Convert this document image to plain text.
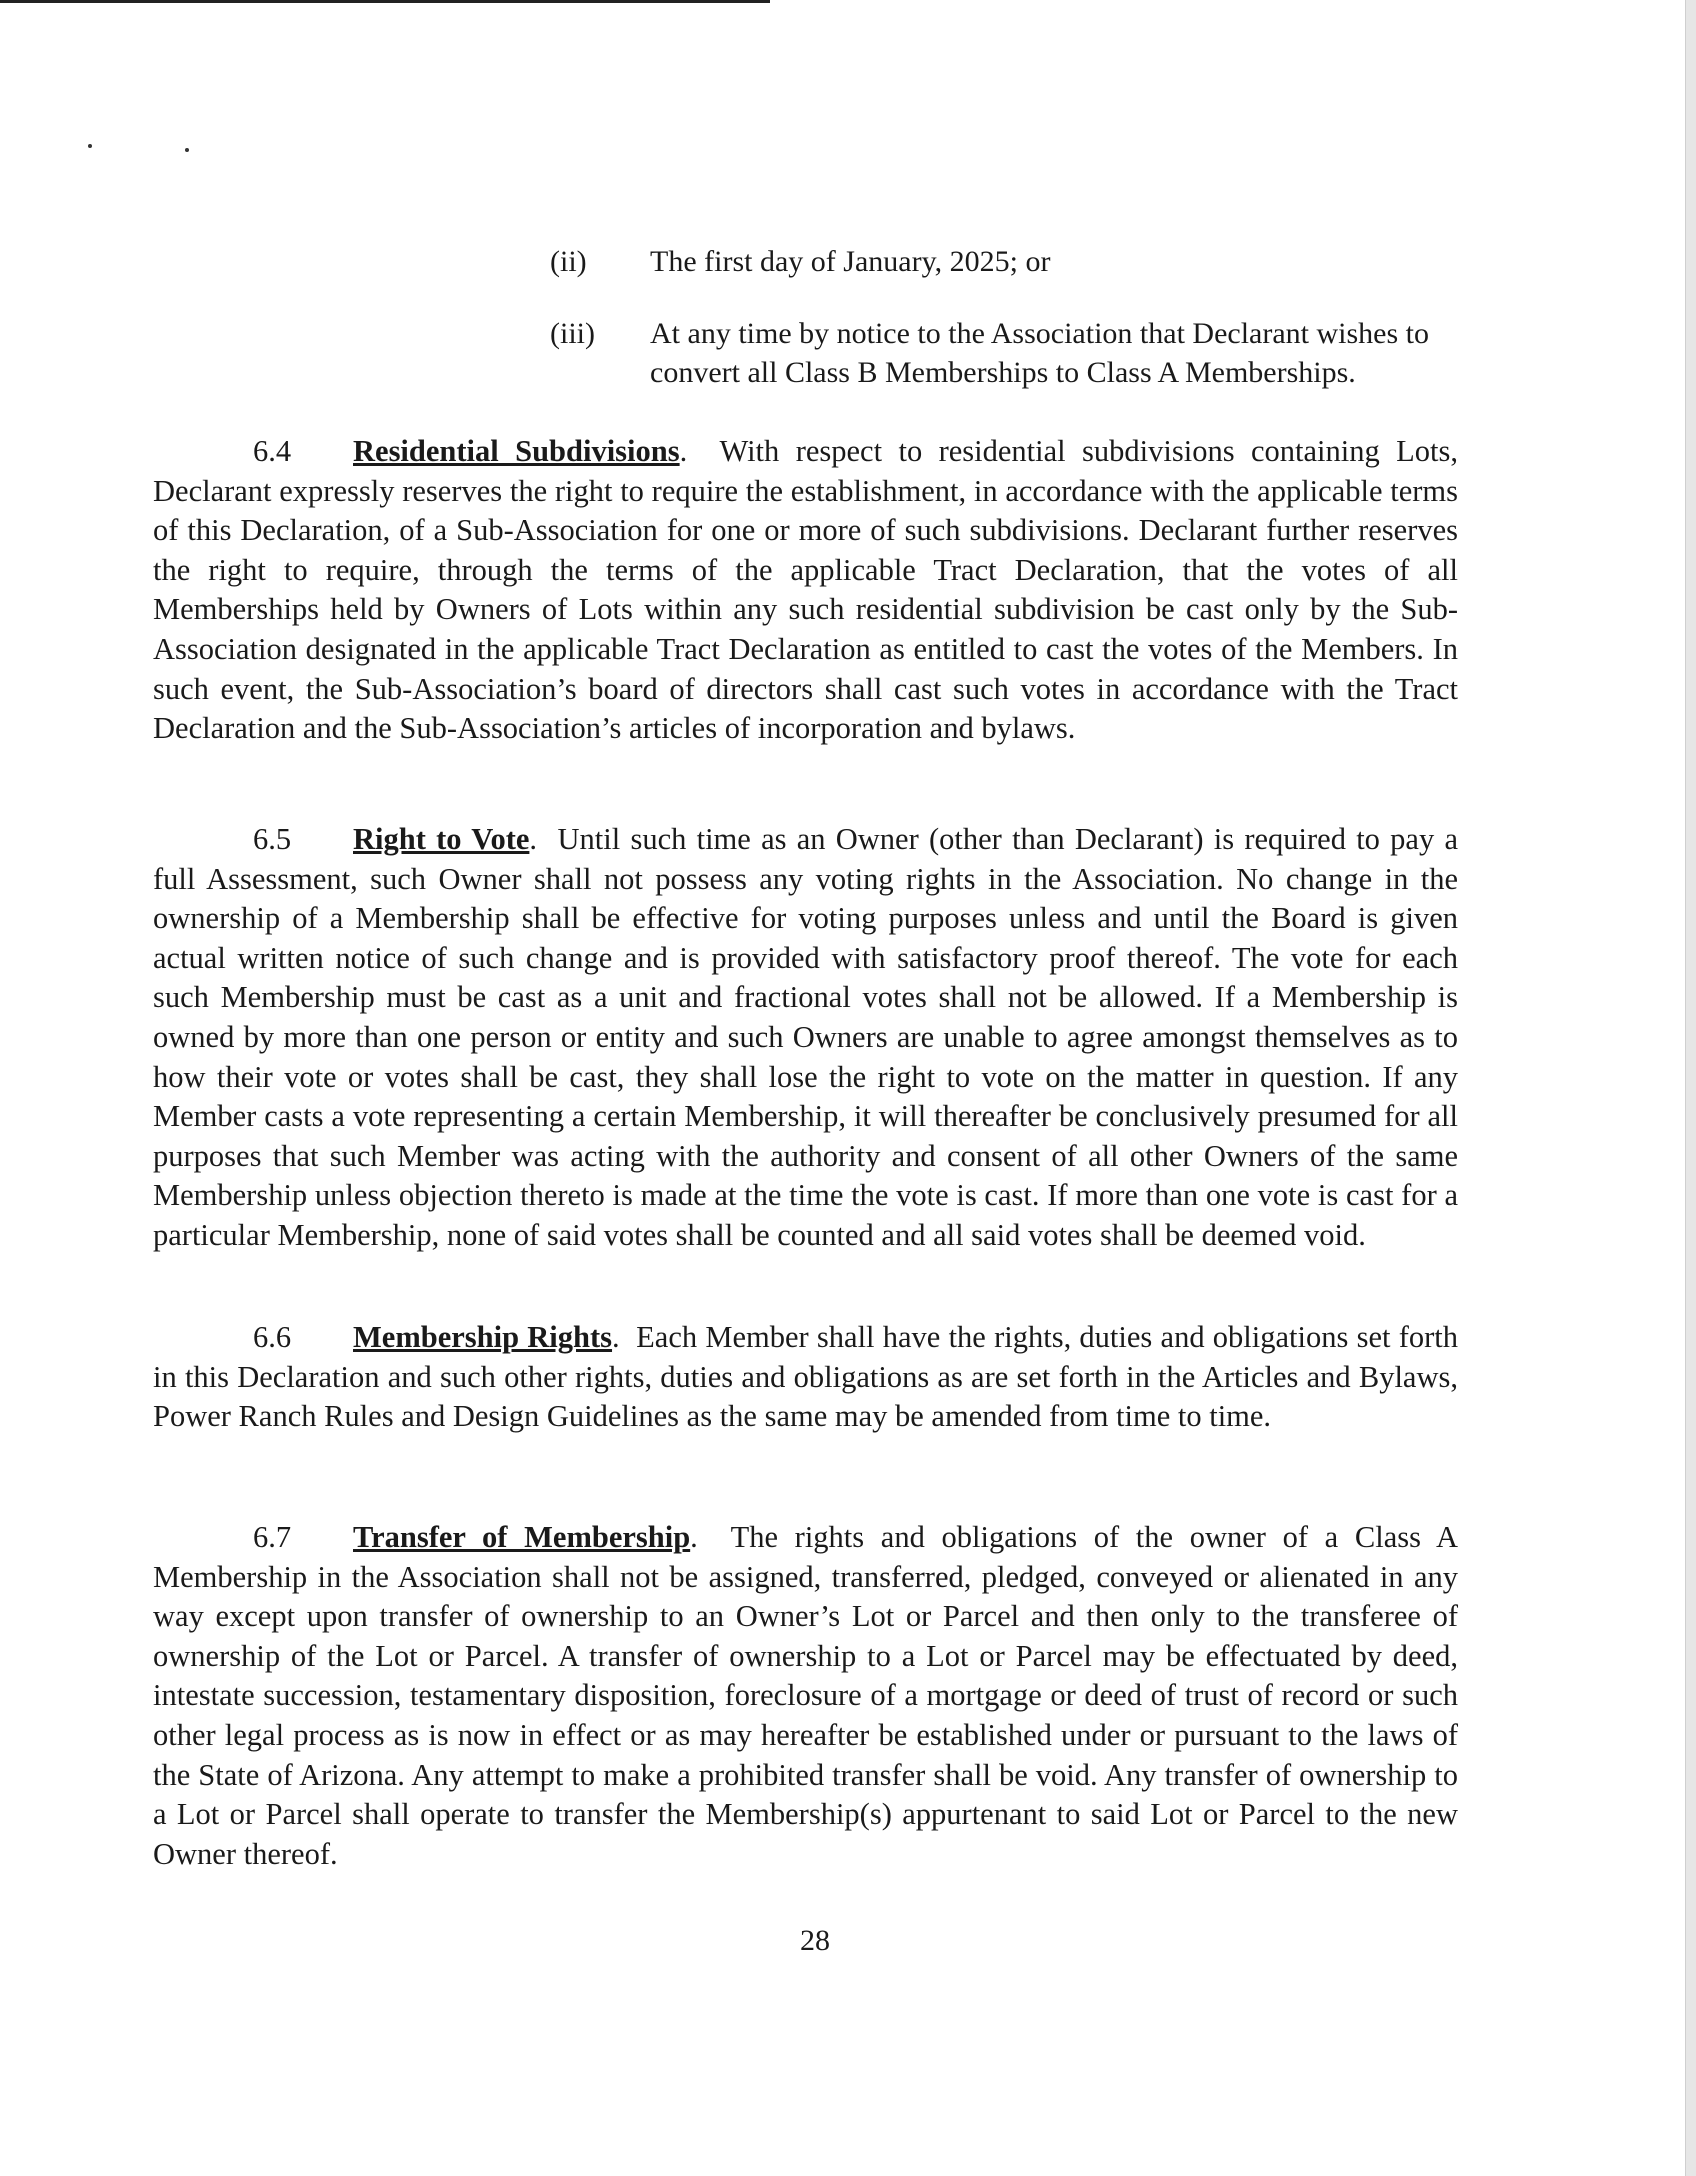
(ii) The first day of January, 2025; or
(iii) At any time by notice to the Association that Declarant wishes to convert all Class B Memberships to Class A Memberships.

6.4 Residential Subdivisions. With respect to residential subdivisions containing Lots, Declarant expressly reserves the right to require the establishment, in accordance with the applicable terms of this Declaration, of a Sub-Association for one or more of such subdivisions. Declarant further reserves the right to require, through the terms of the applicable Tract Declaration, that the votes of all Memberships held by Owners of Lots within any such residential subdivision be cast only by the Sub-Association designated in the applicable Tract Declaration as entitled to cast the votes of the Members. In such event, the Sub-Association’s board of directors shall cast such votes in accordance with the Tract Declaration and the Sub-Association’s articles of incorporation and bylaws.

6.5 Right to Vote. Until such time as an Owner (other than Declarant) is required to pay a full Assessment, such Owner shall not possess any voting rights in the Association. No change in the ownership of a Membership shall be effective for voting purposes unless and until the Board is given actual written notice of such change and is provided with satisfactory proof thereof. The vote for each such Membership must be cast as a unit and fractional votes shall not be allowed. If a Membership is owned by more than one person or entity and such Owners are unable to agree amongst themselves as to how their vote or votes shall be cast, they shall lose the right to vote on the matter in question. If any Member casts a vote representing a certain Membership, it will thereafter be conclusively presumed for all purposes that such Member was acting with the authority and consent of all other Owners of the same Membership unless objection thereto is made at the time the vote is cast. If more than one vote is cast for a particular Membership, none of said votes shall be counted and all said votes shall be deemed void.

6.6 Membership Rights. Each Member shall have the rights, duties and obligations set forth in this Declaration and such other rights, duties and obligations as are set forth in the Articles and Bylaws, Power Ranch Rules and Design Guidelines as the same may be amended from time to time.

6.7 Transfer of Membership. The rights and obligations of the owner of a Class A Membership in the Association shall not be assigned, transferred, pledged, conveyed or alienated in any way except upon transfer of ownership to an Owner’s Lot or Parcel and then only to the transferee of ownership of the Lot or Parcel. A transfer of ownership to a Lot or Parcel may be effectuated by deed, intestate succession, testamentary disposition, foreclosure of a mortgage or deed of trust of record or such other legal process as is now in effect or as may hereafter be established under or pursuant to the laws of the State of Arizona. Any attempt to make a prohibited transfer shall be void. Any transfer of ownership to a Lot or Parcel shall operate to transfer the Membership(s) appurtenant to said Lot or Parcel to the new Owner thereof.

28
